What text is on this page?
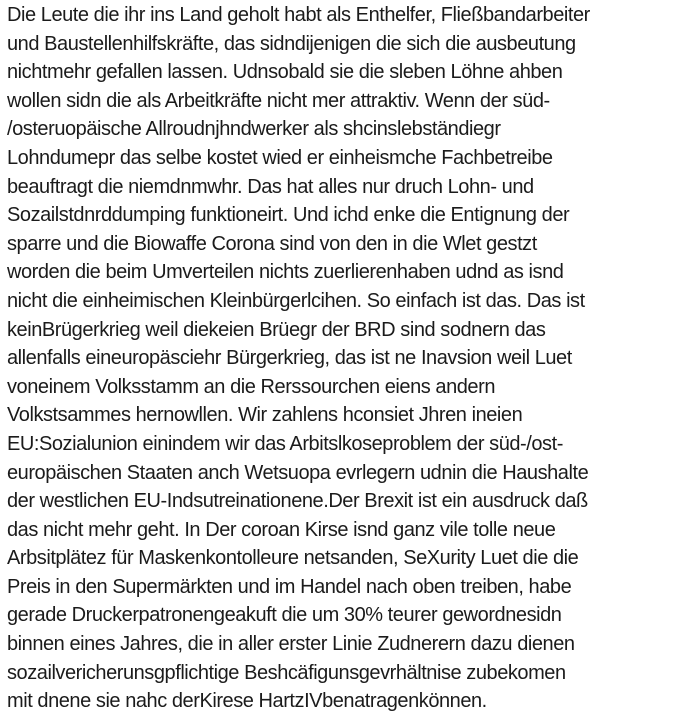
Die Leute die ihr ins Land geholt habt als Enthelfer, Fließbandarbeiter
und Baustellenhilfskräfte, das sidndijenigen die sich die ausbeutung
nichtmehr gefallen lassen. Udnsobald sie die sleben Löhne ahben
wollen sidn die als Arbeitkräfte nicht mer attraktiv. Wenn der süd-
/osteruopäische Allroudnjhndwerker als shcinslebständiegr
Lohndumepr das selbe kostet wied er einheismche Fachbetreibe
beauftragt die niemdnmwhr. Das hat alles nur druch Lohn- und
Sozailstdnrddumping funktioneirt. Und ichd enke die Entignung der
sparre und die Biowaffe Corona sind von den in die Wlet gestzt
worden die beim Umverteilen nichts zuerlierenhaben udnd as isnd
nicht die einheimischen Kleinbürgerlcihen. So einfach ist das. Das ist
keinBrügerkrieg weil diekeien Brüegr der BRD sind sodnern das
allenfalls eineuropäsciehr Bürgerkrieg, das ist ne Inavsion weil Luet
voneinem Volksstamm an die Rerssourchen eiens andern
Volkstsammes hernowllen. Wir zahlens hconsiet Jhren ineien
EU:Sozialunion einindem wir das Arbitslkoseproblem der süd-/ost-
europäischen Staaten anch Wetsuopa evrlegern udnin die Haushalte
der westlichen EU-Indsutreinationene.Der Brexit ist ein ausdruck daß
das nicht mehr geht. In Der coroan Kirse isnd ganz vile tolle neue
Arbsitplätez für Maskenkontolleure netsanden, SeXurity Luet die die
Preis in den Supermärkten und im Handel nach oben treiben, habe
gerade Druckerpatronengeakuft die um 30% teurer gewordnesidn
binnen eines Jahres, die in aller erster Linie Zudnerern dazu dienen
sozailvericherunsgpflichtige Beshcäfigunsgevrhältnise zubekomen
mit dnene sie nahc derKirese HartzIVbenatragenkönnen.
